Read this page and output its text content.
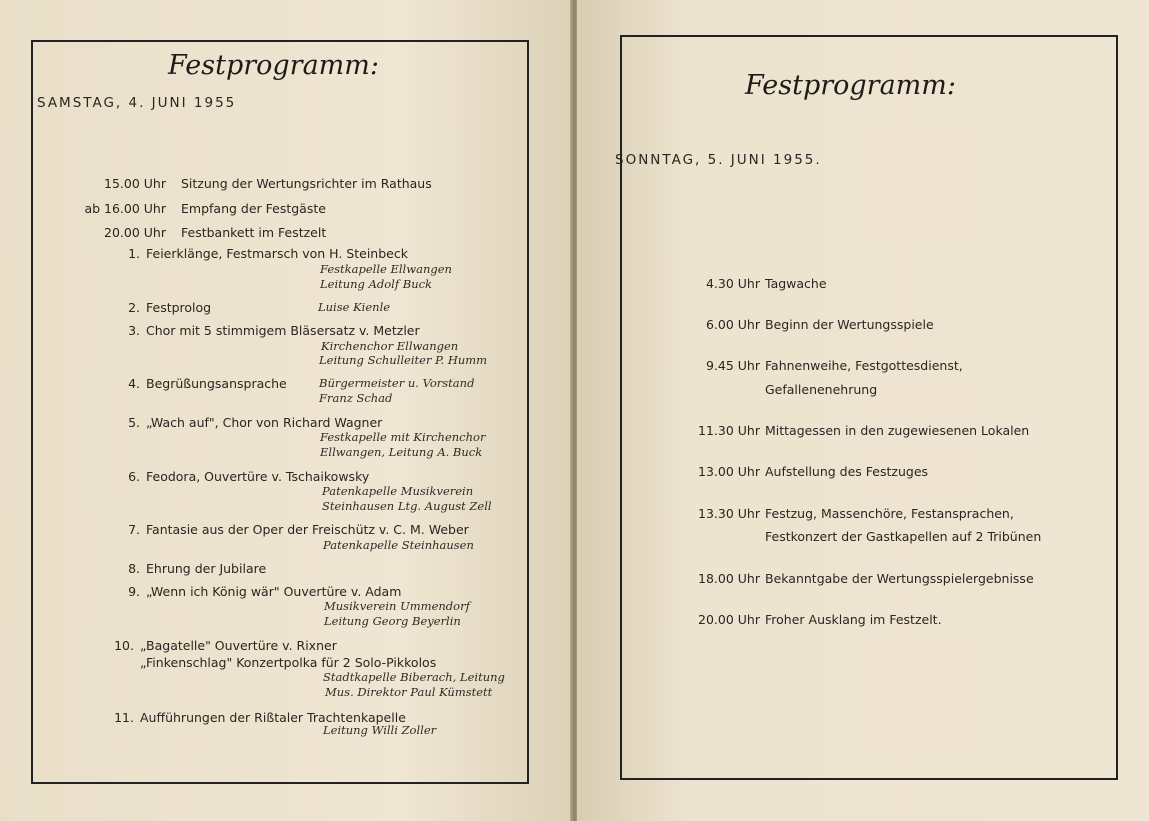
Festprogramm:
SAMSTAG, 4. JUNI 1955
15.00 Uhr Sitzung der Wertungsrichter im Rathaus
ab 16.00 Uhr Empfang der Festgäste
20.00 Uhr Festbankett im Festzelt
1. Feierklänge, Festmarsch von H. Steinbeck
Festkapelle Ellwangen
Leitung Adolf Buck
2. Festprolog	Luise Kienle
3. Chor mit 5 stimmigem Bläsersatz v. Metzler
Kirchenchor Ellwangen
Leitung Schulleiter P. Humm
4. Begrüßungsansprache	Bürgermeister u. Vorstand
Franz Schad
5. „Wach auf", Chor von Richard Wagner
Festkapelle mit Kirchenchor
Ellwangen, Leitung A. Buck
6. Feodora, Ouvertüre v. Tschaikowsky
Patenkapelle Musikverein
Steinhausen Ltg. August Zell
7. Fantasie aus der Oper der Freischütz v. C. M. Weber
Patenkapelle Steinhausen
8. Ehrung der Jubilare
9. „Wenn ich König wär" Ouvertüre v. Adam
Musikverein Ummendorf
Leitung Georg Beyerlin
10. „Bagatelle" Ouvertüre v. Rixner
„Finkenschlag" Konzertpolka für 2 Solo-Pikkolos
Stadtkapelle Biberach, Leitung
Mus. Direktor Paul Kümstett
11. Aufführungen der Rißtaler Trachtenkapelle
Leitung Willi Zoller
Festprogramm:
SONNTAG, 5. JUNI 1955.
4.30 Uhr Tagwache
6.00 Uhr Beginn der Wertungsspiele
9.45 Uhr Fahnenweihe, Festgottesdienst,
Gefallenenehrung
11.30 Uhr Mittagessen in den zugewiesenen Lokalen
13.00 Uhr Aufstellung des Festzuges
13.30 Uhr Festzug, Massenchöre, Festansprachen,
Festkonzert der Gastkapellen auf 2 Tribünen
18.00 Uhr Bekanntgabe der Wertungsspielergebnisse
20.00 Uhr Froher Ausklang im Festzelt.
